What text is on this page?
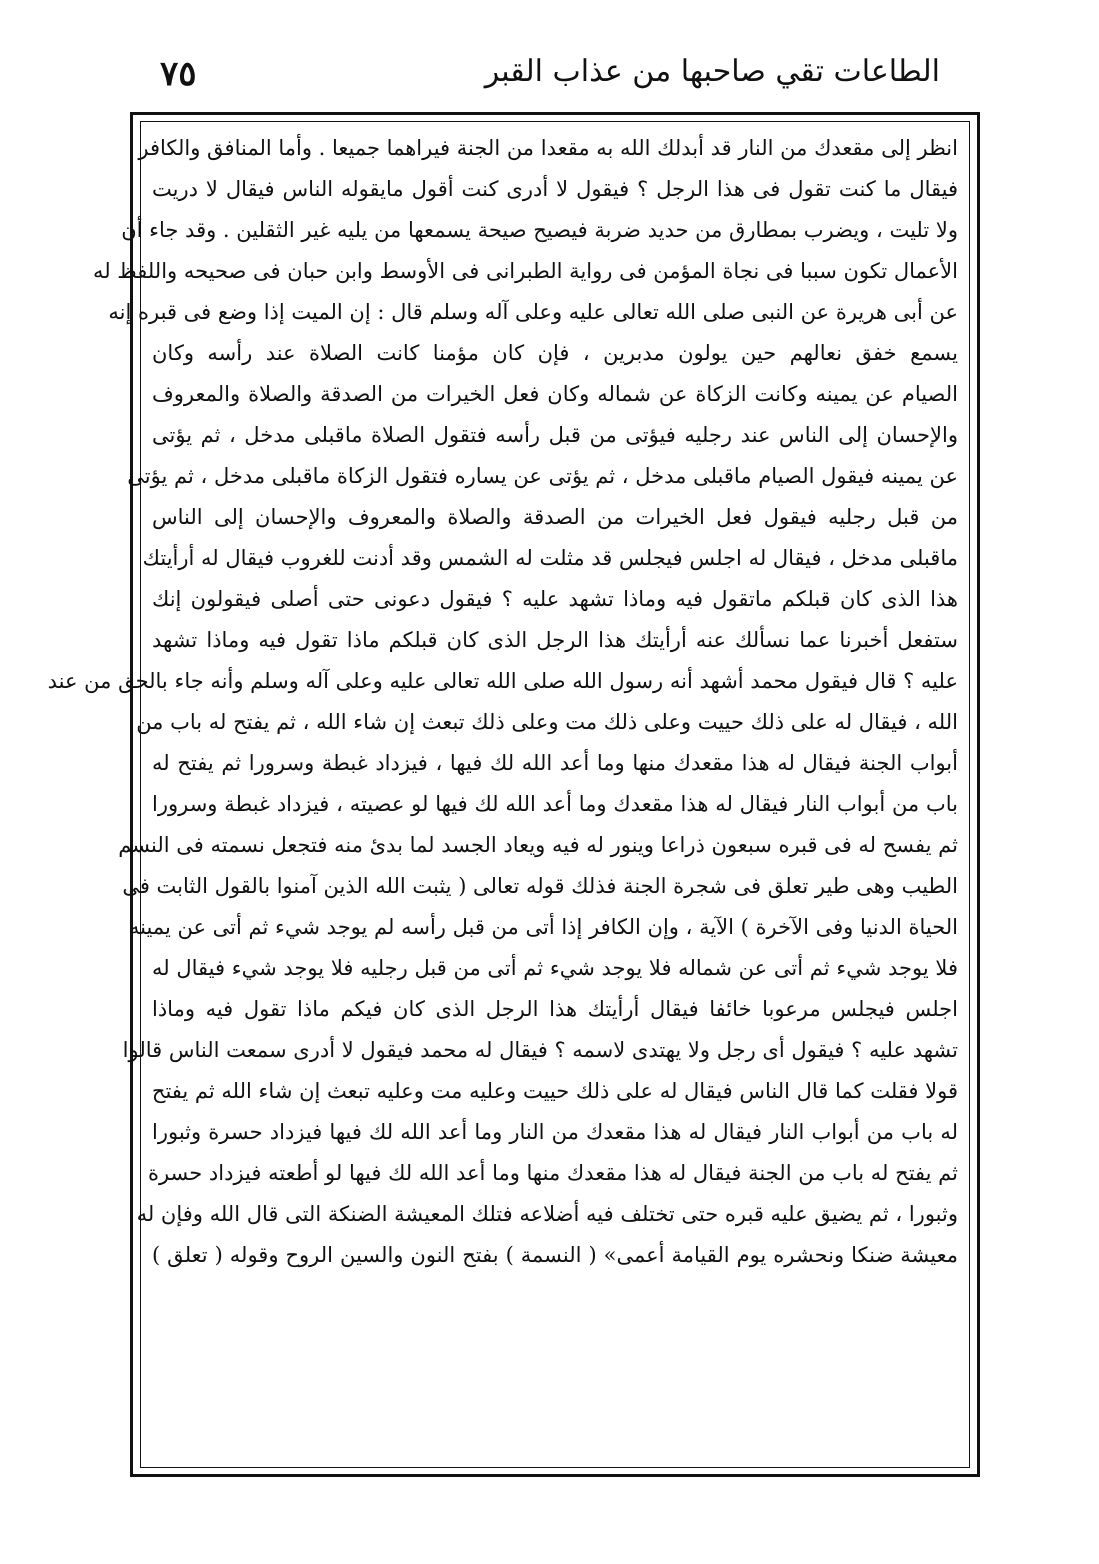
٧٥	الطاعات تقي صاحبها من عذاب القبر
انظر إلى مقعدك من النار قد أبدلك الله به مقعدا من الجنة فيراهما جميعا . وأما المنافق والكافر
فيقال ما كنت تقول فى هذا الرجل ؟ فيقول لا أدرى كنت أقول مايقوله الناس فيقال لا دريت
ولا تليت ، ويضرب بمطارق من حديد ضربة فيصيح صيحة يسمعها من يليه غير الثقلين . وقد جاء أن
الأعمال تكون سببا فى نجاة المؤمن فى رواية الطبرانى فى الأوسط وابن حبان فى صحيحه واللفظ له
عن أبى هريرة عن النبى صلى الله تعالى عليه وعلى آله وسلم قال : إن الميت إذا وضع فى قبره إنه
يسمع خفق نعالهم حين يولون مدبرين ، فإن كان مؤمنا كانت الصلاة عند رأسه وكان
الصيام عن يمينه وكانت الزكاة عن شماله وكان فعل الخيرات من الصدقة والصلاة والمعروف
والإحسان إلى الناس عند رجليه فيؤتى من قبل رأسه فتقول الصلاة ماقبلى مدخل ، ثم يؤتى
عن يمينه فيقول الصيام ماقبلى مدخل ، ثم يؤتى عن يساره فتقول الزكاة ماقبلى مدخل ، ثم يؤتى
من قبل رجليه فيقول فعل الخيرات من الصدقة والصلاة والمعروف والإحسان إلى الناس
ماقبلى مدخل ، فيقال له اجلس فيجلس قد مثلت له الشمس وقد أدنت للغروب فيقال له أرأيتك
هذا الذى كان قبلكم ماتقول فيه وماذا تشهد عليه ؟ فيقول دعونى حتى أصلى فيقولون إنك
ستفعل أخبرنا عما نسألك عنه أرأيتك هذا الرجل الذى كان قبلكم ماذا تقول فيه وماذا تشهد
عليه ؟ قال فيقول محمد أشهد أنه رسول الله صلى الله تعالى عليه وعلى آله وسلم وأنه جاء بالحق من عند
الله ، فيقال له على ذلك حييت وعلى ذلك مت وعلى ذلك تبعث إن شاء الله ، ثم يفتح له باب من
أبواب الجنة فيقال له هذا مقعدك منها وما أعد الله لك فيها ، فيزداد غبطة وسرورا ثم يفتح له
باب من أبواب النار فيقال له هذا مقعدك وما أعد الله لك فيها لو عصيته ، فيزداد غبطة وسرورا
ثم يفسح له فى قبره سبعون ذراعا وينور له فيه ويعاد الجسد لما بدئ منه فتجعل نسمته فى النسم
الطيب وهى طير تعلق فى شجرة الجنة فذلك قوله تعالى ( يثبت الله الذين آمنوا بالقول الثابت فى
الحياة الدنيا وفى الآخرة ) الآية ، وإن الكافر إذا أتى من قبل رأسه لم يوجد شيء ثم أتى عن يمينه
فلا يوجد شيء ثم أتى عن شماله فلا يوجد شيء ثم أتى من قبل رجليه فلا يوجد شيء فيقال له
اجلس فيجلس مرعوبا خائفا فيقال أرأيتك هذا الرجل الذى كان فيكم ماذا تقول فيه وماذا
تشهد عليه ؟ فيقول أى رجل ولا يهتدى لاسمه ؟ فيقال له محمد فيقول لا أدرى سمعت الناس قالوا
قولا فقلت كما قال الناس فيقال له على ذلك حييت وعليه مت وعليه تبعث إن شاء الله ثم يفتح
له باب من أبواب النار فيقال له هذا مقعدك من النار وما أعد الله لك فيها فيزداد حسرة وثبورا
ثم يفتح له باب من الجنة فيقال له هذا مقعدك منها وما أعد الله لك فيها لو أطعته فيزداد حسرة
وثبورا ، ثم يضيق عليه قبره حتى تختلف فيه أضلاعه فتلك المعيشة الضنكة التى قال الله وفإن له
معيشة ضنكا ونحشره يوم القيامة أعمى» ( النسمة ) بفتح النون والسين الروح وقوله ( تعلق )
